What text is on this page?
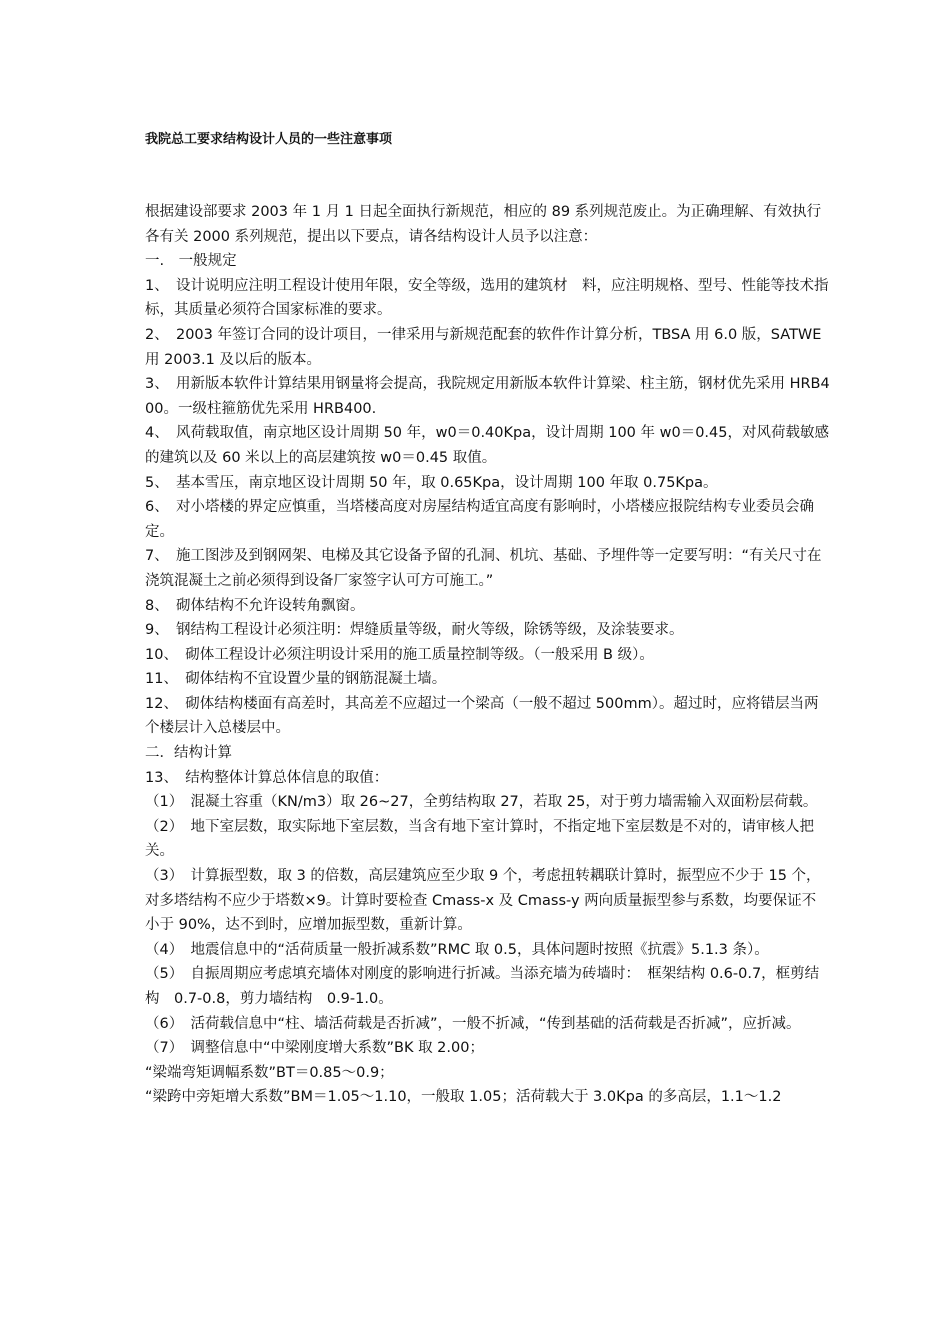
我院总工要求结构设计人员的一些注意事项

根据建设部要求 2003 年 1 月 1 日起全面执行新规范，相应的 89 系列规范废止。为正确理解、有效执行各有关 2000 系列规范，提出以下要点，请各结构设计人员予以注意：

一.　一般规定

1、　设计说明应注明工程设计使用年限，安全等级，选用的建筑材　料，应注明规格、型号、性能等技术指标，其质量必须符合国家标准的要求。

2、　2003 年签订合同的设计项目，一律采用与新规范配套的软件作计算分析，TBSA 用 6.0 版，SATWE 用 2003.1 及以后的版本。

3、　用新版本软件计算结果用钢量将会提高，我院规定用新版本软件计算梁、柱主筋，钢材优先采用 HRB400。一级柱箍筋优先采用 HRB400.

4、　风荷载取值，南京地区设计周期 50 年，w0＝0.40Kpa，设计周期 100 年 w0＝0.45，对风荷载敏感的建筑以及 60 米以上的高层建筑按 w0＝0.45 取值。

5、　基本雪压，南京地区设计周期 50 年，取 0.65Kpa，设计周期 100 年取 0.75Kpa。

6、　对小塔楼的界定应慎重，当塔楼高度对房屋结构适宜高度有影响时，小塔楼应报院结构专业委员会确定。

7、　施工图涉及到钢网架、电梯及其它设备予留的孔洞、机坑、基础、予埋件等一定要写明：“有关尺寸在浇筑混凝土之前必须得到设备厂家签字认可方可施工。”

8、　砌体结构不允许设转角飘窗。

9、　钢结构工程设计必须注明：焊缝质量等级，耐火等级，除锈等级，及涂装要求。

10、　砌体工程设计必须注明设计采用的施工质量控制等级。（一般采用 B 级）。

11、　砌体结构不宜设置少量的钢筋混凝土墙。

12、　砌体结构楼面有高差时，其高差不应超过一个梁高（一般不超过 500mm）。超过时，应将错层当两个楼层计入总楼层中。

二．结构计算

13、　结构整体计算总体信息的取值：

（1）　混凝土容重（KN/m3）取 26~27，全剪结构取 27，若取 25，对于剪力墙需输入双面粉层荷载。

（2）　地下室层数，取实际地下室层数，当含有地下室计算时，不指定地下室层数是不对的，请审核人把关。

（3）　计算振型数，取 3 的倍数，高层建筑应至少取 9 个，考虑扭转耦联计算时，振型应不少于 15 个，对多塔结构不应少于塔数×9。计算时要检查 Cmass-x 及 Cmass-y 两向质量振型参与系数，均要保证不小于 90%，达不到时，应增加振型数，重新计算。

（4）　地震信息中的“活荷质量一般折减系数”RMC 取 0.5，具体问题时按照《抗震》5.1.3 条）。

（5）　自振周期应考虑填充墙体对刚度的影响进行折减。当添充墙为砖墙时：　框架结构 0.6-0.7，框剪结构　0.7-0.8，剪力墙结构　0.9-1.0。

（6）　活荷载信息中“柱、墙活荷载是否折减”，一般不折减，“传到基础的活荷载是否折减”，应折减。

（7）　调整信息中“中梁刚度增大系数”BK 取 2.00；

“梁端弯矩调幅系数”BT＝0.85～0.9；

“梁跨中旁矩增大系数”BM＝1.05～1.10，一般取 1.05；活荷载大于 3.0Kpa 的多高层，1.1～1.2
